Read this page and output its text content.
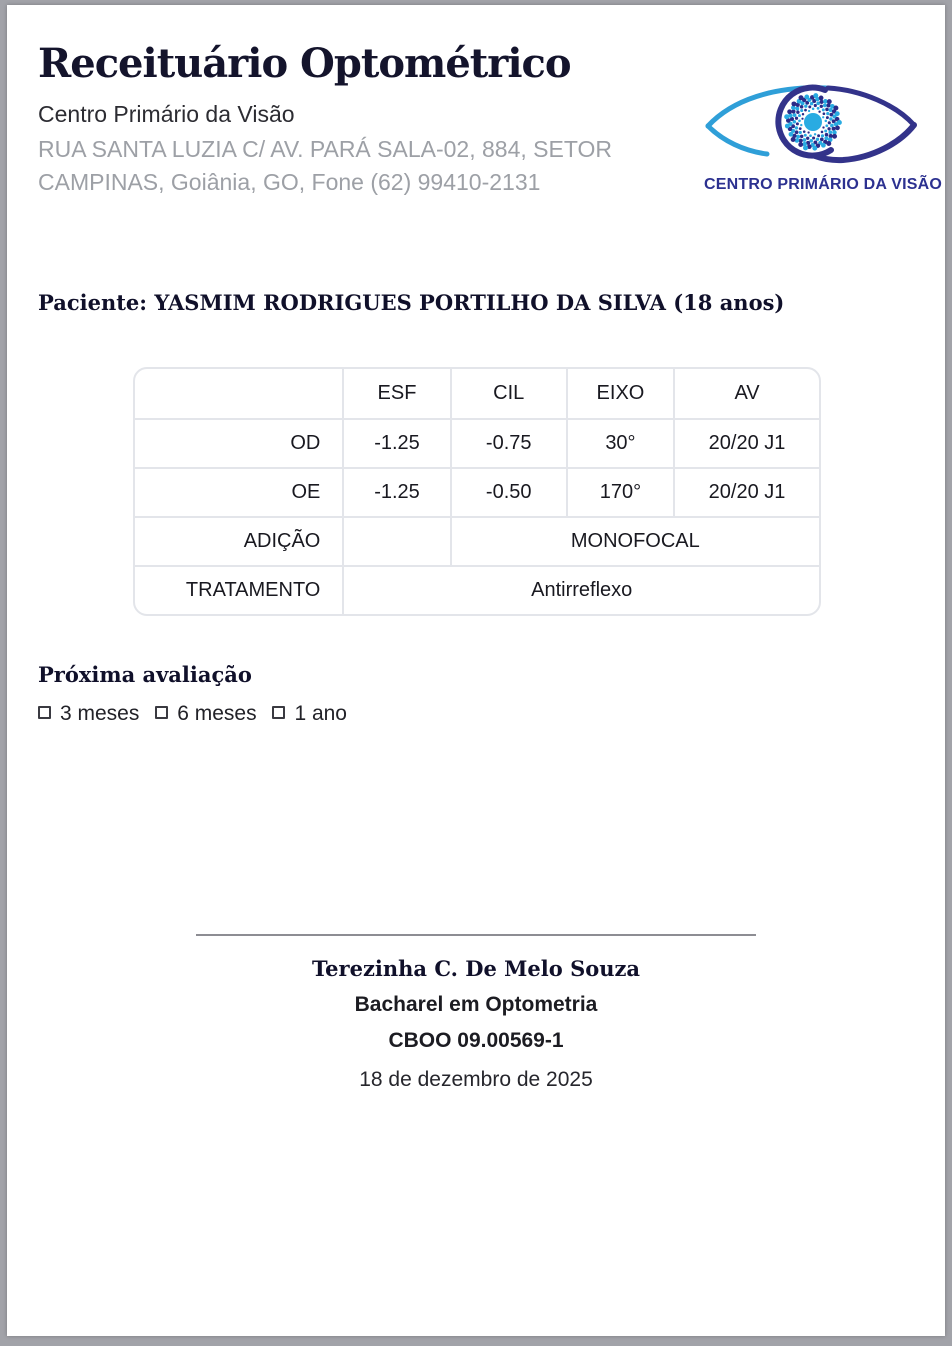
Receituário Optométrico
Centro Primário da Visão
RUA SANTA LUZIA C/ AV. PARÁ SALA-02, 884, SETOR
CAMPINAS, Goiânia, GO, Fone (62) 99410-2131	CENTRO PRIMÁRIO DA VISÃO
Paciente: YASMIM RODRIGUES PORTILHO DA SILVA (18 anos)
	ESF	CIL	EIXO	AV
OD	-1.25	-0.75	30°	20/20 J1
OE	-1.25	-0.50	170°	20/20 J1
ADIÇÃO		MONOFOCAL		
TRATAMENTO	Antirreflexo			
Próxima avaliação
3 meses 6 meses 1 ano
Terezinha C. De Melo Souza
Bacharel em Optometria
CBOO 09.00569-1
18 de dezembro de 2025
